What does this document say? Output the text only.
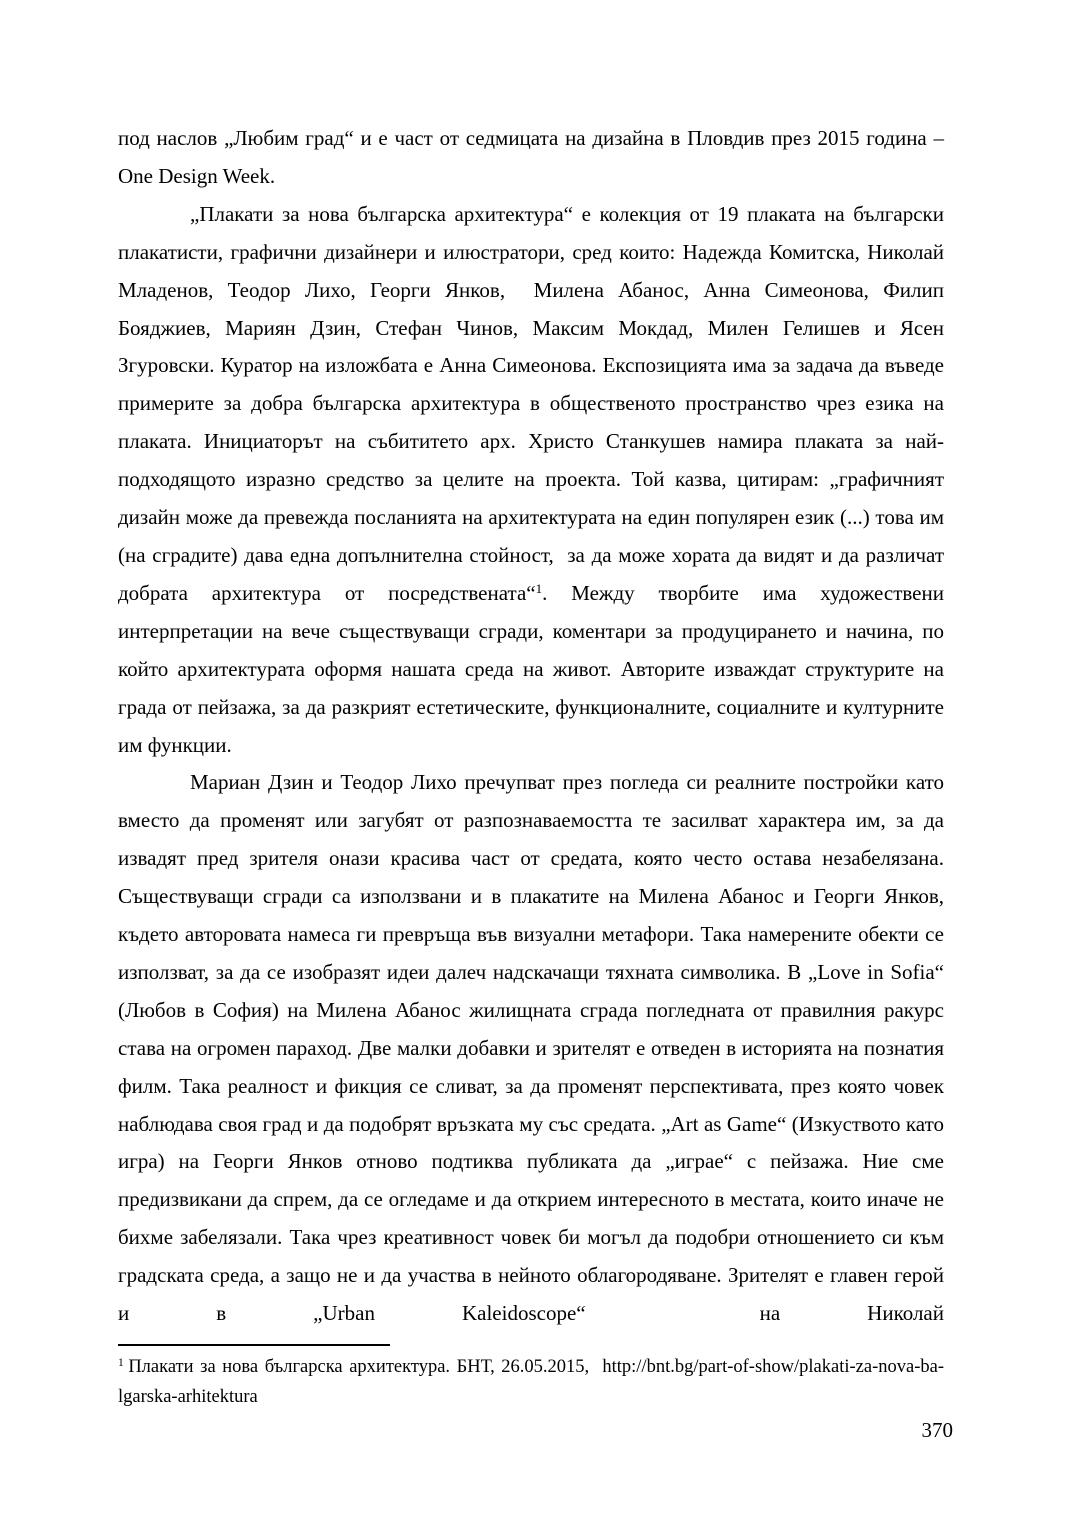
под наслов „Любим град“ и е част от седмицата на дизайна в Пловдив през 2015 година – One Design Week.

„Плакати за нова българска архитектура“ е колекция от 19 плаката на български плакатисти, графични дизайнери и илюстратори, сред които: Надежда Комитска, Николай Младенов, Теодор Лихо, Георги Янков,  Милена Абанос, Анна Симеонова, Филип Бояджиев, Мариян Дзин, Стефан Чинов, Максим Мокдад, Милен Гелишев и Ясен Згуровски. Куратор на изложбата е Анна Симеонова. Експозицията има за задача да въведе примерите за добра българска архитектура в общественото пространство чрез езика на плаката. Инициаторът на събититето арх. Христо Станкушев намира плаката за най-подходящото изразно средство за целите на проекта. Той казва, цитирам: „графичният дизайн може да превежда посланията на архитектурата на един популярен език (...) това им (на сградите) дава една допълнителна стойност,  за да може хората да видят и да различат добрата архитектура от посредствената“$^1$. Между творбите има художествени интерпретации на вече съществуващи сгради, коментари за продуцирането и начина, по който архитектурата оформя нашата среда на живот. Авторите изваждат структурите на града от пейзажа, за да разкрият естетическите, функционалните, социалните и културните им функции.

Мариан Дзин и Теодор Лихо пречупват през погледа си реалните постройки като вместо да променят или загубят от разпознаваемостта те засилват характера им, за да извадят пред зрителя онази красива част от средата, която често остава незабелязана. Съществуващи сгради са използвани и в плакатите на Милена Абанос и Георги Янков, където авторовата намеса ги превръща във визуални метафори. Така намерените обекти се използват, за да се изобразят идеи далеч надскачащи тяхната символика. В „Love in Sofia“ (Любов в София) на Милена Абанос жилищната сграда погледната от правилния ракурс става на огромен параход. Две малки добавки и зрителят е отведен в историята на познатия филм. Така реалност и фикция се сливат, за да променят перспективата, през която човек наблюдава своя град и да подобрят връзката му със средата. „Art as Game“ (Изкуството като игра) на Георги Янков отново подтиква публиката да „играе“ с пейзажа. Ние сме предизвикани да спрем, да се огледаме и да открием интересното в местата, които иначе не бихме забелязали. Така чрез креативност човек би могъл да подобри отношението си към градската среда, а защо не и да участва в нейното облагородяване. Зрителят е главен герой и в „Urban Kaleidoscope“  на Николай

$^1$ Плакати за нова българска архитектура. БНТ, 26.05.2015,  http://bnt.bg/part-of-show/plakati-za-nova-ba-lgarska-arhitektura
370
